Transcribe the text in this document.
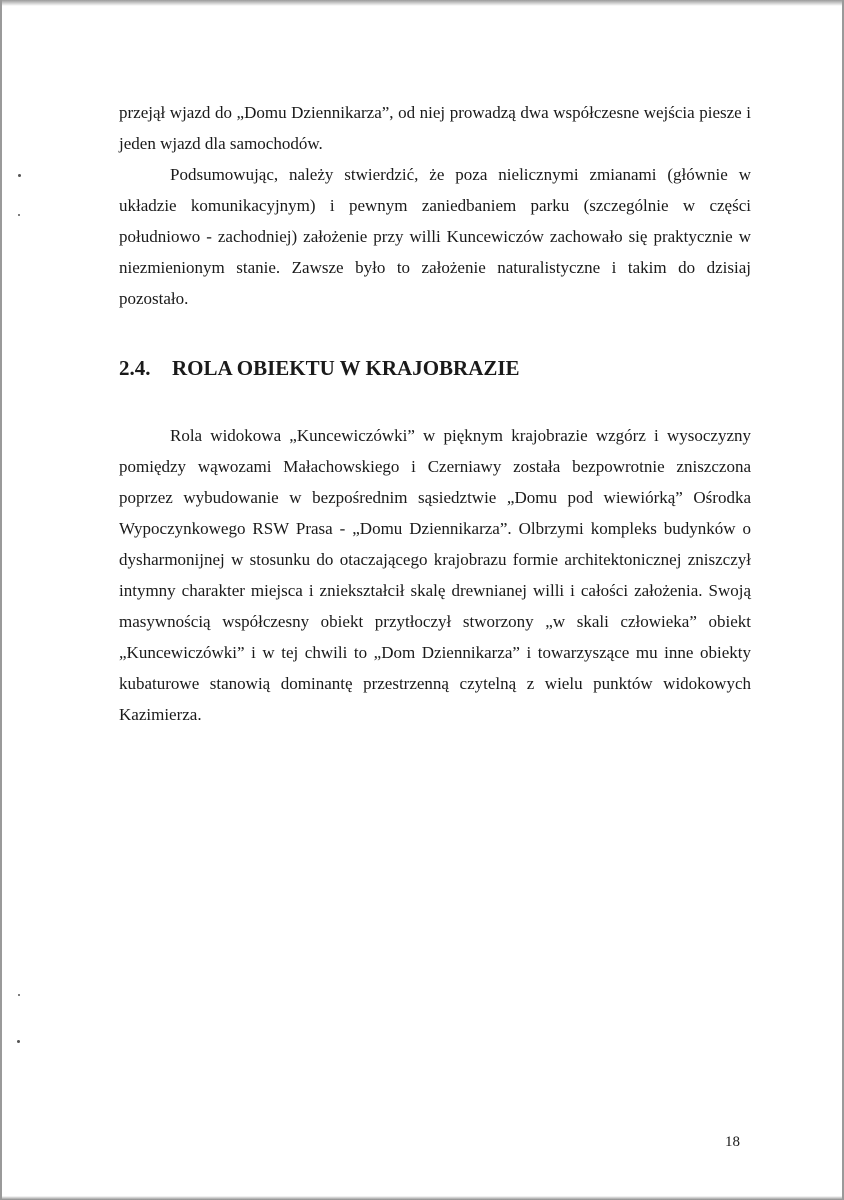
przejął wjazd do „Domu Dziennikarza”, od niej prowadzą dwa współczesne wejścia piesze i jeden wjazd dla samochodów.

Podsumowując, należy stwierdzić, że poza nielicznymi zmianami (głównie w układzie komunikacyjnym) i pewnym zaniedbaniem parku (szczególnie w części południowo - zachodniej) założenie przy willi Kuncewiczów zachowało się praktycznie w niezmienionym stanie. Zawsze było to założenie naturalistyczne i takim do dzisiaj pozostało.

2.4. ROLA OBIEKTU W KRAJOBRAZIE

Rola widokowa „Kuncewiczówki” w pięknym krajobrazie wzgórz i wysoczyzny pomiędzy wąwozami Małachowskiego i Czerniawy została bezpowrotnie zniszczona poprzez wybudowanie w bezpośrednim sąsiedztwie „Domu pod wiewiórką” Ośrodka Wypoczynkowego RSW Prasa - „Domu Dziennikarza”. Olbrzymi kompleks budynków o dysharmonijnej w stosunku do otaczającego krajobrazu formie architektonicznej zniszczył intymny charakter miejsca i zniekształcił skalę drewnianej willi i całości założenia. Swoją masywnością współczesny obiekt przytłoczył stworzony „w skali człowieka” obiekt „Kuncewiczówki” i w tej chwili to „Dom Dziennikarza” i towarzyszące mu inne obiekty kubaturowe stanowią dominantę przestrzenną czytelną z wielu punktów widokowych Kazimierza.

18
